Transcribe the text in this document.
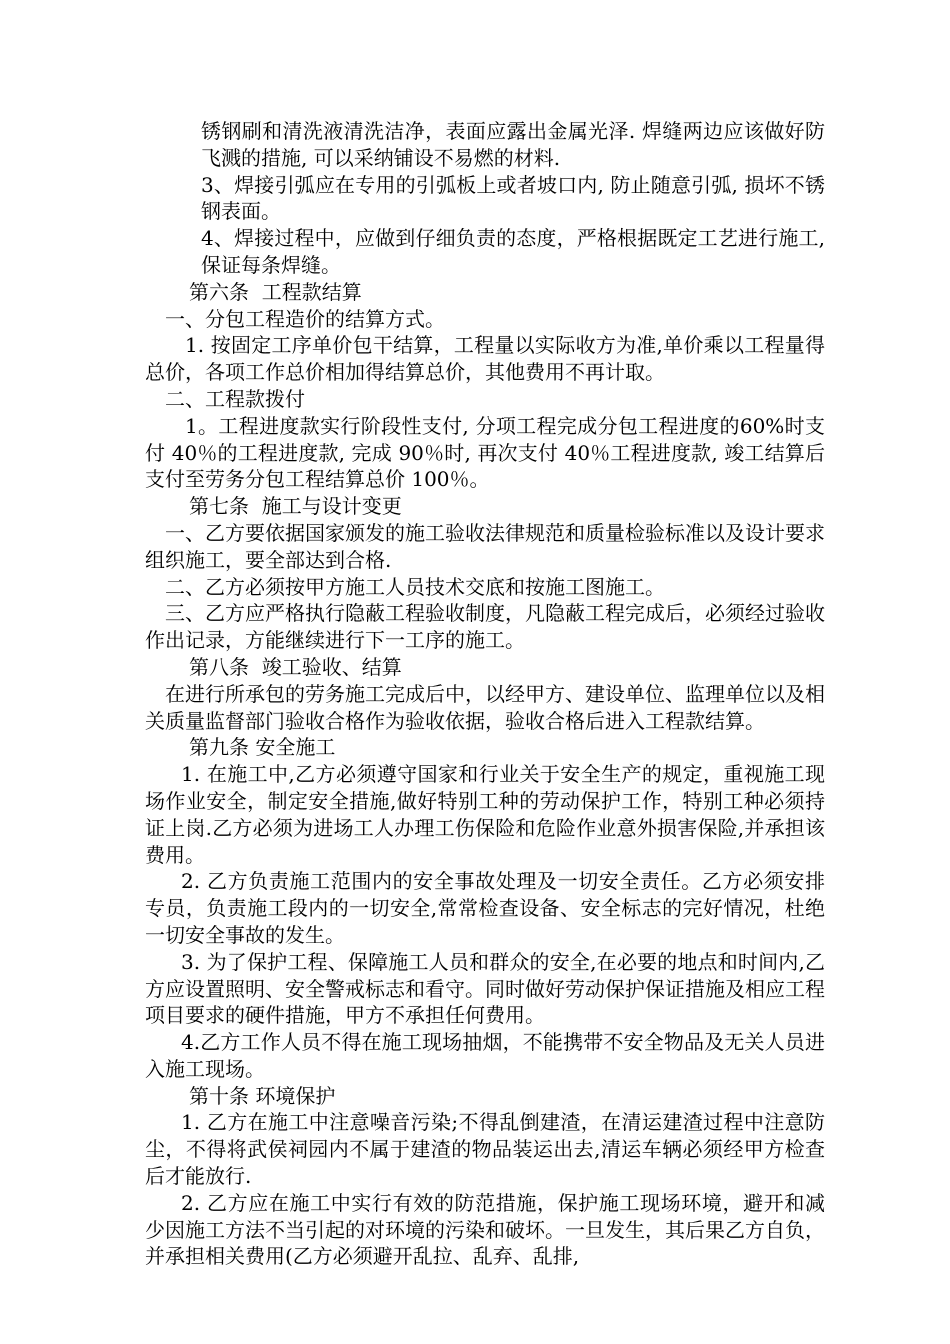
锈钢刷和清洗液清洗洁净，表面应露出金属光泽. 焊缝两边应该做好防飞溅的措施, 可以采纳铺设不易燃的材料.

3、焊接引弧应在专用的引弧板上或者坡口内, 防止随意引弧, 损坏不锈钢表面。

4、焊接过程中，应做到仔细负责的态度，严格根据既定工艺进行施工, 保证每条焊缝。

第六条  工程款结算

一、分包工程造价的结算方式。

1. 按固定工序单价包干结算，工程量以实际收方为准,单价乘以工程量得总价，各项工作总价相加得结算总价，其他费用不再计取。

二、工程款拨付

1。工程进度款实行阶段性支付, 分项工程完成分包工程进度的60%时支付 40％的工程进度款, 完成 90％时, 再次支付 40％工程进度款, 竣工结算后支付至劳务分包工程结算总价 100％。

第七条  施工与设计变更

一、乙方要依据国家颁发的施工验收法律规范和质量检验标准以及设计要求组织施工，要全部达到合格.

二、乙方必须按甲方施工人员技术交底和按施工图施工。

三、乙方应严格执行隐蔽工程验收制度，凡隐蔽工程完成后，必须经过验收作出记录，方能继续进行下一工序的施工。

第八条  竣工验收、结算

在进行所承包的劳务施工完成后中，以经甲方、建设单位、监理单位以及相关质量监督部门验收合格作为验收依据，验收合格后进入工程款结算。

第九条 安全施工

1. 在施工中,乙方必须遵守国家和行业关于安全生产的规定，重视施工现场作业安全，制定安全措施,做好特别工种的劳动保护工作，特别工种必须持证上岗.乙方必须为进场工人办理工伤保险和危险作业意外损害保险,并承担该费用。

2. 乙方负责施工范围内的安全事故处理及一切安全责任。乙方必须安排专员，负责施工段内的一切安全,常常检查设备、安全标志的完好情况，杜绝一切安全事故的发生。

3. 为了保护工程、保障施工人员和群众的安全,在必要的地点和时间内,乙方应设置照明、安全警戒标志和看守。同时做好劳动保护保证措施及相应工程项目要求的硬件措施，甲方不承担任何费用。

4.乙方工作人员不得在施工现场抽烟，不能携带不安全物品及无关人员进入施工现场。

第十条 环境保护

1. 乙方在施工中注意噪音污染;不得乱倒建渣，在清运建渣过程中注意防尘，不得将武侯祠园内不属于建渣的物品装运出去,清运车辆必须经甲方检查后才能放行.

2. 乙方应在施工中实行有效的防范措施，保护施工现场环境，避开和减少因施工方法不当引起的对环境的污染和破坏。一旦发生，其后果乙方自负，并承担相关费用(乙方必须避开乱拉、乱弃、乱排,
